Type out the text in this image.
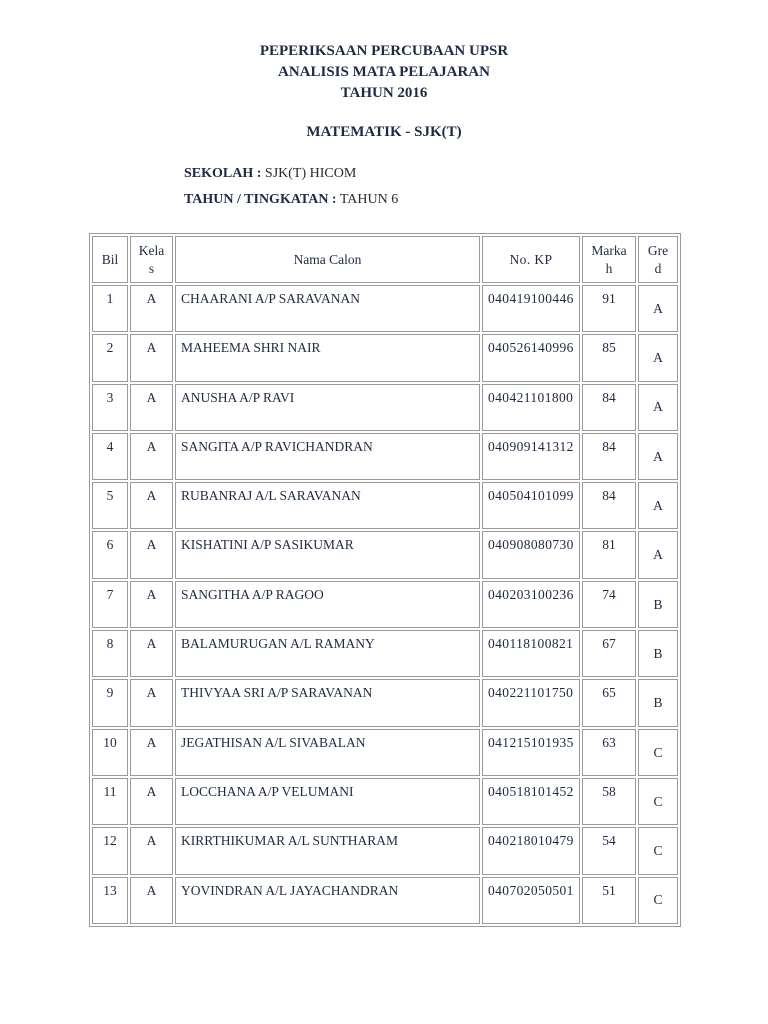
PEPERIKSAAN PERCUBAAN UPSR
ANALISIS MATA PELAJARAN
TAHUN 2016
MATEMATIK - SJK(T)
SEKOLAH : SJK(T) HICOM
TAHUN / TINGKATAN : TAHUN 6
Bil	Kelas	Nama Calon	No. KP	Markah	Gred
1	A	CHAARANI A/P SARAVANAN	040419100446	91	A
2	A	MAHEEMA SHRI NAIR	040526140996	85	A
3	A	ANUSHA A/P RAVI	040421101800	84	A
4	A	SANGITA A/P RAVICHANDRAN	040909141312	84	A
5	A	RUBANRAJ A/L SARAVANAN	040504101099	84	A
6	A	KISHATINI A/P SASIKUMAR	040908080730	81	A
7	A	SANGITHA A/P RAGOO	040203100236	74	B
8	A	BALAMURUGAN A/L RAMANY	040118100821	67	B
9	A	THIVYAA SRI A/P SARAVANAN	040221101750	65	B
10	A	JEGATHISAN A/L SIVABALAN	041215101935	63	C
11	A	LOCCHANA A/P VELUMANI	040518101452	58	C
12	A	KIRRTHIKUMAR A/L SUNTHARAM	040218010479	54	C
13	A	YOVINDRAN A/L JAYACHANDRAN	040702050501	51	C
